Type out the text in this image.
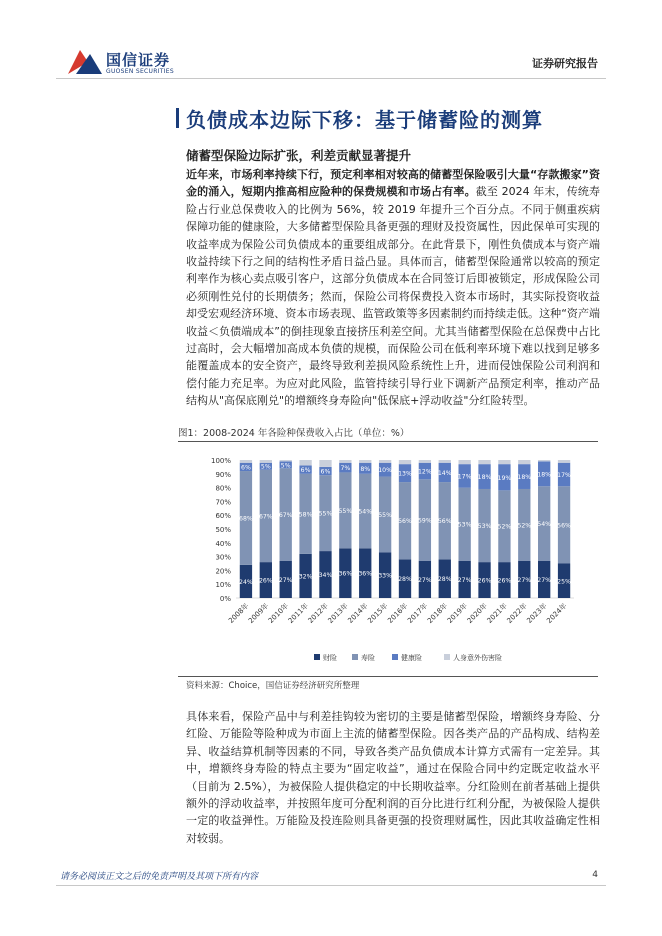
国信证券
GUOSEN SECURITIES
证券研究报告
负债成本边际下移：基于储蓄险的测算
储蓄型保险边际扩张，利差贡献显著提升

近年来，市场利率持续下行，预定利率相对较高的储蓄型保险吸引大量“存款搬家”资金的涌入，短期内推高相应险种的保费规模和市场占有率。截至 2024 年末，传统寿险占行业总保费收入的比例为 56%，较 2019 年提升三个百分点。不同于侧重疾病保障功能的健康险，大多储蓄型保险具备更强的理财及投资属性，因此保单可实现的收益率成为保险公司负债成本的重要组成部分。在此背景下，刚性负债成本与资产端收益持续下行之间的结构性矛盾日益凸显。具体而言，储蓄型保险通常以较高的预定利率作为核心卖点吸引客户，这部分负债成本在合同签订后即被锁定，形成保险公司必须刚性兑付的长期债务；然而，保险公司将保费投入资本市场时，其实际投资收益却受宏观经济环境、资本市场表现、监管政策等多因素制约而持续走低。这种“资产端收益＜负债端成本”的倒挂现象直接挤压利差空间。尤其当储蓄型保险在总保费中占比过高时，会大幅增加高成本负债的规模，而保险公司在低利率环境下难以找到足够多能覆盖成本的安全资产，最终导致利差损风险系统性上升，进而侵蚀保险公司利润和偿付能力充足率。为应对此风险，监管持续引导行业下调新产品预定利率，推动产品结构从"高保底刚兑"的增额终身寿险向"低保底+浮动收益"分红险转型。

图1：2008-2024 年各险种保费收入占比（单位：%）
0%
10%
20%
30%
40%
50%
60%
70%
80%
90%
100%
24% 26% 27% 32% 34% 36% 36% 33% 28% 27% 28% 27% 26% 26% 27% 27% 25%
68% 67% 67% 58% 55% 55% 54% 55%
56% 59% 56% 53% 53% 52% 52% 54% 56%
6% 5% 5%
6% 6% 7% 8% 10% 13% 12% 14% 17% 18% 19% 18% 18% 17%
2008年
2009年
2010年
2011年
2012年
2013年
2014年
2015年
2016年
2017年
2018年
2019年
2020年
2021年
2022年
2023年
2024年
财险	寿险	健康险	人身意外伤害险
资料来源：Choice，国信证券经济研究所整理

具体来看，保险产品中与利差挂钩较为密切的主要是储蓄型保险，增额终身寿险、分红险、万能险等险种成为市面上主流的储蓄型保险。因各类产品的产品构成、结构差异、收益结算机制等因素的不同，导致各类产品负债成本计算方式需有一定差异。其中，增额终身寿险的特点主要为“固定收益”，通过在保险合同中约定既定收益水平（目前为 2.5%），为被保险人提供稳定的中长期收益率。分红险则在前者基础上提供额外的浮动收益率，并按照年度可分配利润的百分比进行红利分配，为被保险人提供一定的收益弹性。万能险及投连险则具备更强的投资理财属性，因此其收益确定性相对较弱。

请务必阅读正文之后的免责声明及其项下所有内容	4
